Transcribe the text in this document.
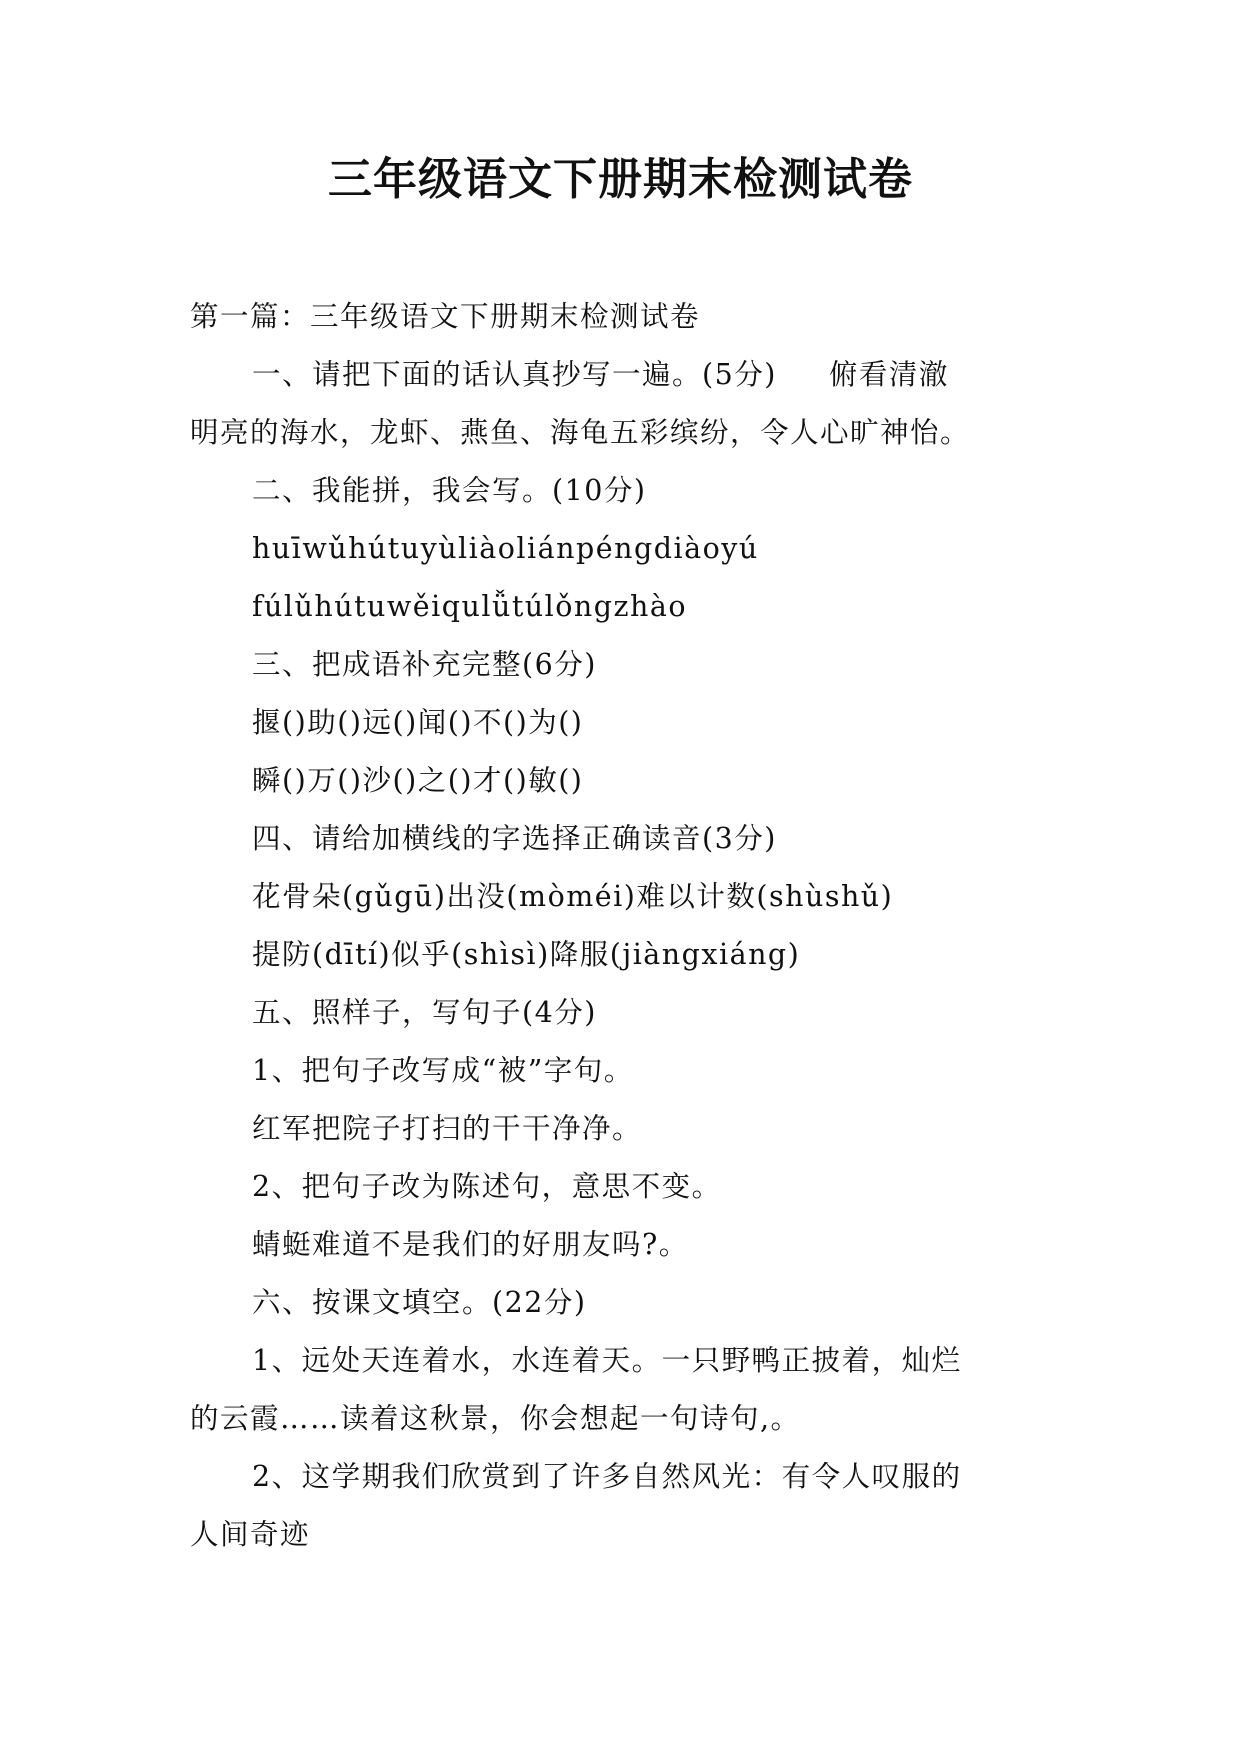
三年级语文下册期末检测试卷
第一篇：三年级语文下册期末检测试卷
一、请把下面的话认真抄写一遍。(5分) 俯看清澈
明亮的海水，龙虾、燕鱼、海龟五彩缤纷，令人心旷神怡。
二、我能拼，我会写。(10分)
huīwǔhútuyùliàoliánpéngdiàoyú
fúlǔhútuwěiqulǚtúlǒngzhào
三、把成语补充完整(6分)
揠()助()远()闻()不()为()
瞬()万()沙()之()才()敏()
四、请给加横线的字选择正确读音(3分)
花骨朵(gǔgū)出没(mòméi)难以计数(shùshǔ)
提防(dītí)似乎(shìsì)降服(jiàngxiáng)
五、照样子，写句子(4分)
1、把句子改写成“被”字句。
红军把院子打扫的干干净净。
2、把句子改为陈述句，意思不变。
蜻蜓难道不是我们的好朋友吗?。
六、按课文填空。(22分)
1、远处天连着水，水连着天。一只野鸭正披着，灿烂
的云霞……读着这秋景，你会想起一句诗句,。
2、这学期我们欣赏到了许多自然风光：有令人叹服的
人间奇迹
